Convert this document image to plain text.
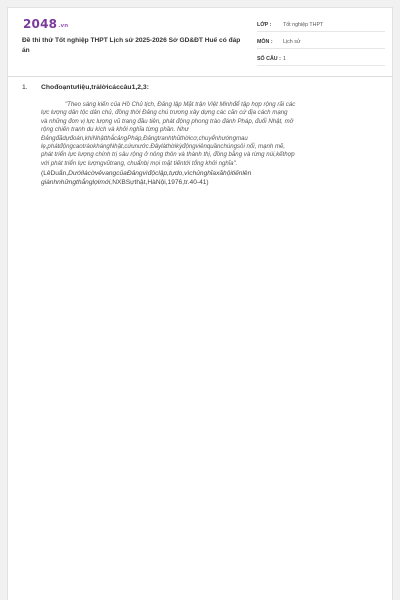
2048.vn
Đề thi thử Tốt nghiệp THPT Lịch sử 2025-2026 Sở GD&ĐT Huế có đáp án
LỚP :	Tốt nghiệp THPT
MÔN :	Lịch sử
SỐ CÂU : 1
1.	Chođoạntưliệu,trảlờicáccâu1,2,3:
"Theo sáng kiến của Hồ Chủ tịch, Đảng lập Mặt trận Việt Minhđể tập hợp rộng rãi các
lực lượng dân tộc dân chủ, đồng thời Đảng chú trương xây dựng các căn cứ địa cách mạng
và những đơn vị lực lượng vũ trang đầu tiên, phát động phong trào đánh Pháp, đuổi Nhật, mở
rộng chiến tranh du kích và khởi nghĩa từng phần. Như
Đảngđãdựđoán,khiNhậtthắcảngPháp,Đảngtranhthủthờicơ,chuyểnhướngmau
lẹ,phátđộngcaotràokhángNhật,cứunước.Đâylàthờikỳđộngviênquầnchúngsôi nổi, mạnh mẽ,
phát triển lực lượng chính trị sâu rộng ở nông thôn và thành thị, đồng bằng và rừng núi,kếthợp
với phát triển lực lượngvũtrang, chuẩnbị mọi mặt tiếntới tổng khởi nghĩa".
(LêDuẩn,DướilácờvẻvangcủaĐảngvìđộclập,tựdo,vìchủnghĩaxãhộitiếnlên
giànhnhữngthắnglợimới,NXBSựthật,HàNội,1976,tr.40-41)
